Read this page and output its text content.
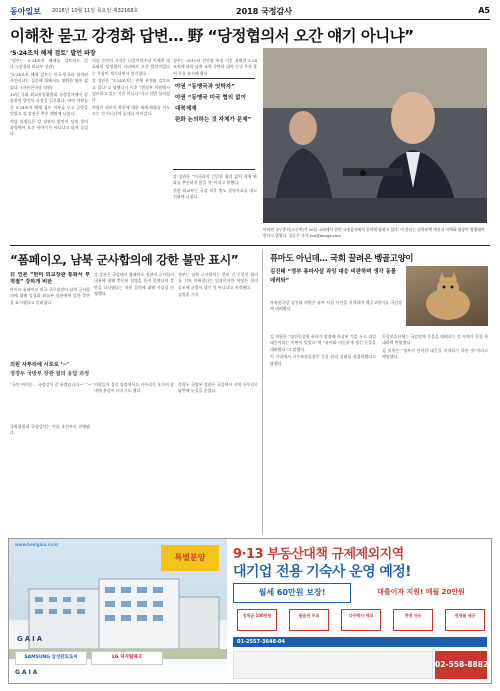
동아일보 2018년 10월 11일 목요일 제32168호	2018 국정감사	A5
이해찬 묻고 강경화 답변… 野 “당정협의서 오간 얘기 아니냐”
‘5·24조치 해제 검토’ 발언 파장

“정부는 5·24조치 해제를 검토하고 있다.”(강경화 외교부 장관)

“5·24조치 해제 검토는 미국·한국과 협의된 사안이냐는 질문에 대해서도 명확한 답이 없었다.”(자유한국당 의원)

10일 국회 외교통일위원회 국정감사에서 강 장관의 발언이 파장을 일으켰다. 여야 의원들은 5·24조치 해제 검토 여부를 두고 공방을 벌였고 강 장관은 추후 해명에 나섰다.

야당 의원들은 강 장관의 발언이 당정 협의 과정에서 오간 이야기가 아니냐고 따져 물었다.

이날 논란의 시작은 더불어민주당 이해찬 대표와의 당정협의 자리에서 오간 발언이었다는 주장이 제기되면서 불거졌다.

강 장관은 “5·24조치는 관계 부처와 검토하고 있다”고 답했다가 이후 “범정부 차원에서 검토하고 있는 것은 아니다”라고 한발 물러섰다.

야당은 정부가 북한에 대한 제재 완화를 서두르는 것 아니냐며 공세를 이어갔다.

정부는 2010년 천안함 폭침 이후 취해진 5·24조치에 따라 남북 교역 중단과 대북 신규 투자 불허 등을 유지해 왔다.

야권 “동맹국과 엇박자”
야권 “동맹국 미국 협의 없이 대북제재
완화 논의하는 것 자체가 문제”

강 장관은 “미국과의 긴밀한 협의 없이 제재 완화를 추진하지 않을 것”이라고 말했다.

한편 외교부는 국감 직후 별도 설명자료를 내고 진화에 나섰다.

이낙연 국무총리(오른쪽)가 10일 국회에서 열린 국정감사에서 질의에 답하고 있다. 이 총리는 남북관계 개선과 비핵화 협상이 병행돼야 한다고 밝혔다. 김동주 기자 zoo@donga.com
“폼페이오, 남북 군사합의에 강한 불만 표시”

日 언론 “한미 외교장관 통화서 부적절” 강하게 비판

마이크 폼페이오 미국 국무장관이 남북 군사합의에 대해 강경화 외교부 장관에게 강한 불만을 표시했다고 알려졌다.

강 장관은 국감에서 폼페이오 장관이 군사합의 내용에 대해 충분히 설명을 듣지 못했다며 불만을 나타냈다는 의원 질의에 대해 사실상 인정했다.

정부는 남북 군사합의는 한미 간 긴밀한 협의를 거쳐 이뤄졌다는 입장이지만 야당은 한미 공조에 균열이 생긴 것 아니냐고 지적했다.

김정훈 기자

의원 사투리에 시로로 ‘~’
정경두 국방부 장관 질의 응답 과정

“국민 여러분… 국정감사 잘 하겠습니다~” “~”

퓨마도 아닌데… 국회 끌려온 벵골고양이
김진태 “정부 퓨마사살 과잉 대응 비판하며 생각 동물 데려와”

자유한국당 김진태 의원은 퓨마 사살 사건을 지적하며 벵골고양이를 국감장에 데려왔다.

김 의원은 “대전동물원 퓨마가 탈출해 사살된 것을 두고 과잉 대응이라는 비판이 일었다”며 “퓨마와 비슷하게 생긴 동물을 데려왔다”고 말했다.

이 자리에서 국무조정실장은 동물 관리 실태를 점검하겠다고 답했다.

동물보호단체는 국감장에 동물을 데려오는 것 자체가 동물 학대라며 반발했다.

김 의원은 “정부의 안이한 대응을 지적하기 위한 것”이라고 해명했다.

정경두 국방부 장관은 국감에서 지역 사투리로 답변해 눈길을 끌었다.

의원들의 질의 과정에서도 사투리가 오가며 장내에 웃음이 터지기도 했다.

국방위원회 국정감사는 이날 오전부터 진행됐다.

www.beolgaia.co.kr
특별분양
GAIA
SAMSUNG 삼성탄토토씨	LG 디지털파크
GAIA
9·13 부동산대책 규제제외지역
대기업 전용 기숙사 운영 예정!
월세 60만원 보장!	대출이자 지원! 매월 20만원
정책금 100만원	풀옵션 무료	다주택자 제외	전매 자유	전세물 제공
01-2557-3648-04
02-558-8882
